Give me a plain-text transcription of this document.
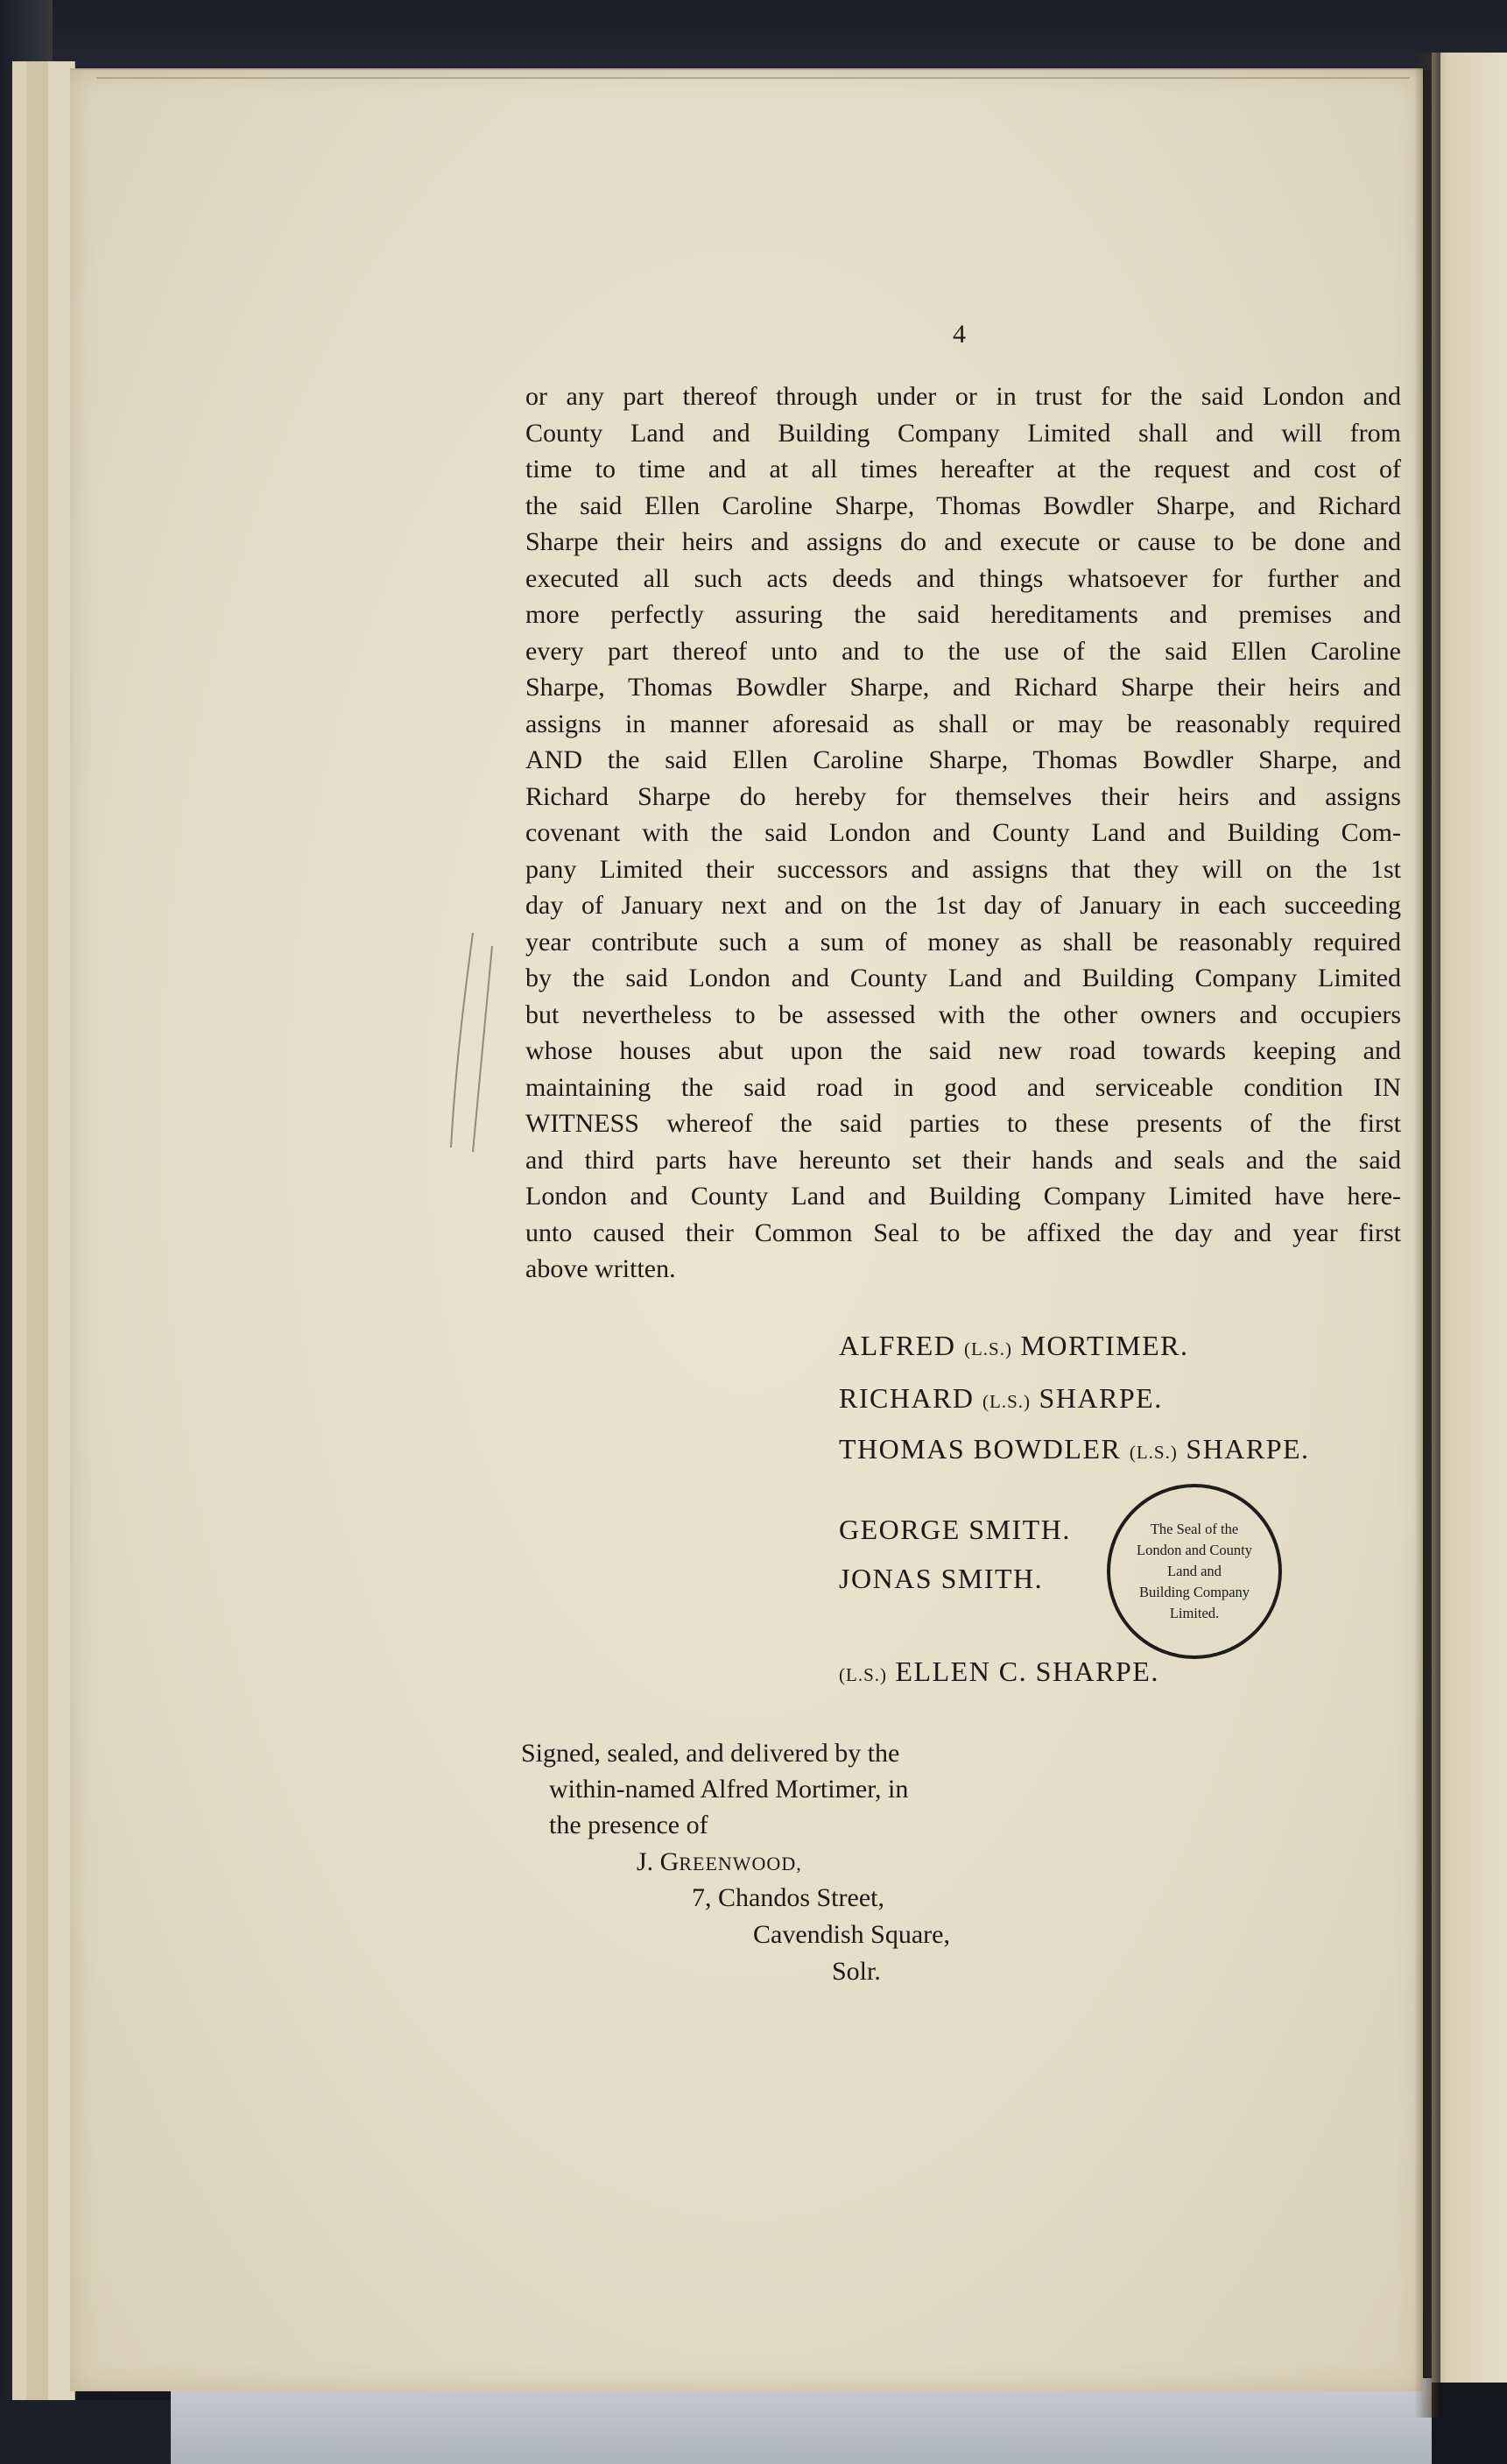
4
or any part thereof through under or in trust for the said London and
County Land and Building Company Limited shall and will from
time to time and at all times hereafter at the request and cost of
the said Ellen Caroline Sharpe, Thomas Bowdler Sharpe, and Richard
Sharpe their heirs and assigns do and execute or cause to be done and
executed all such acts deeds and things whatsoever for further and
more perfectly assuring the said hereditaments and premises and
every part thereof unto and to the use of the said Ellen Caroline
Sharpe, Thomas Bowdler Sharpe, and Richard Sharpe their heirs and
assigns in manner aforesaid as shall or may be reasonably required
AND the said Ellen Caroline Sharpe, Thomas Bowdler Sharpe, and
Richard Sharpe do hereby for themselves their heirs and assigns
covenant with the said London and County Land and Building Com-
pany Limited their successors and assigns that they will on the 1st
day of January next and on the 1st day of January in each succeeding
year contribute such a sum of money as shall be reasonably required
by the said London and County Land and Building Company Limited
but nevertheless to be assessed with the other owners and occupiers
whose houses abut upon the said new road towards keeping and
maintaining the said road in good and serviceable condition IN
WITNESS whereof the said parties to these presents of the first
and third parts have hereunto set their hands and seals and the said
London and County Land and Building Company Limited have here-
unto caused their Common Seal to be affixed the day and year first
above written.
ALFRED (L.S.) MORTIMER.
RICHARD (L.S.) SHARPE.
THOMAS BOWDLER (L.S.) SHARPE.
GEORGE SMITH.
JONAS SMITH.
The Seal of the
London and County
Land and
Building Company
Limited.
(L.S.) ELLEN C. SHARPE.
Signed, sealed, and delivered by the
within-named Alfred Mortimer, in
the presence of
J. GREENWOOD,
7, Chandos Street,
Cavendish Square,
Solr.
